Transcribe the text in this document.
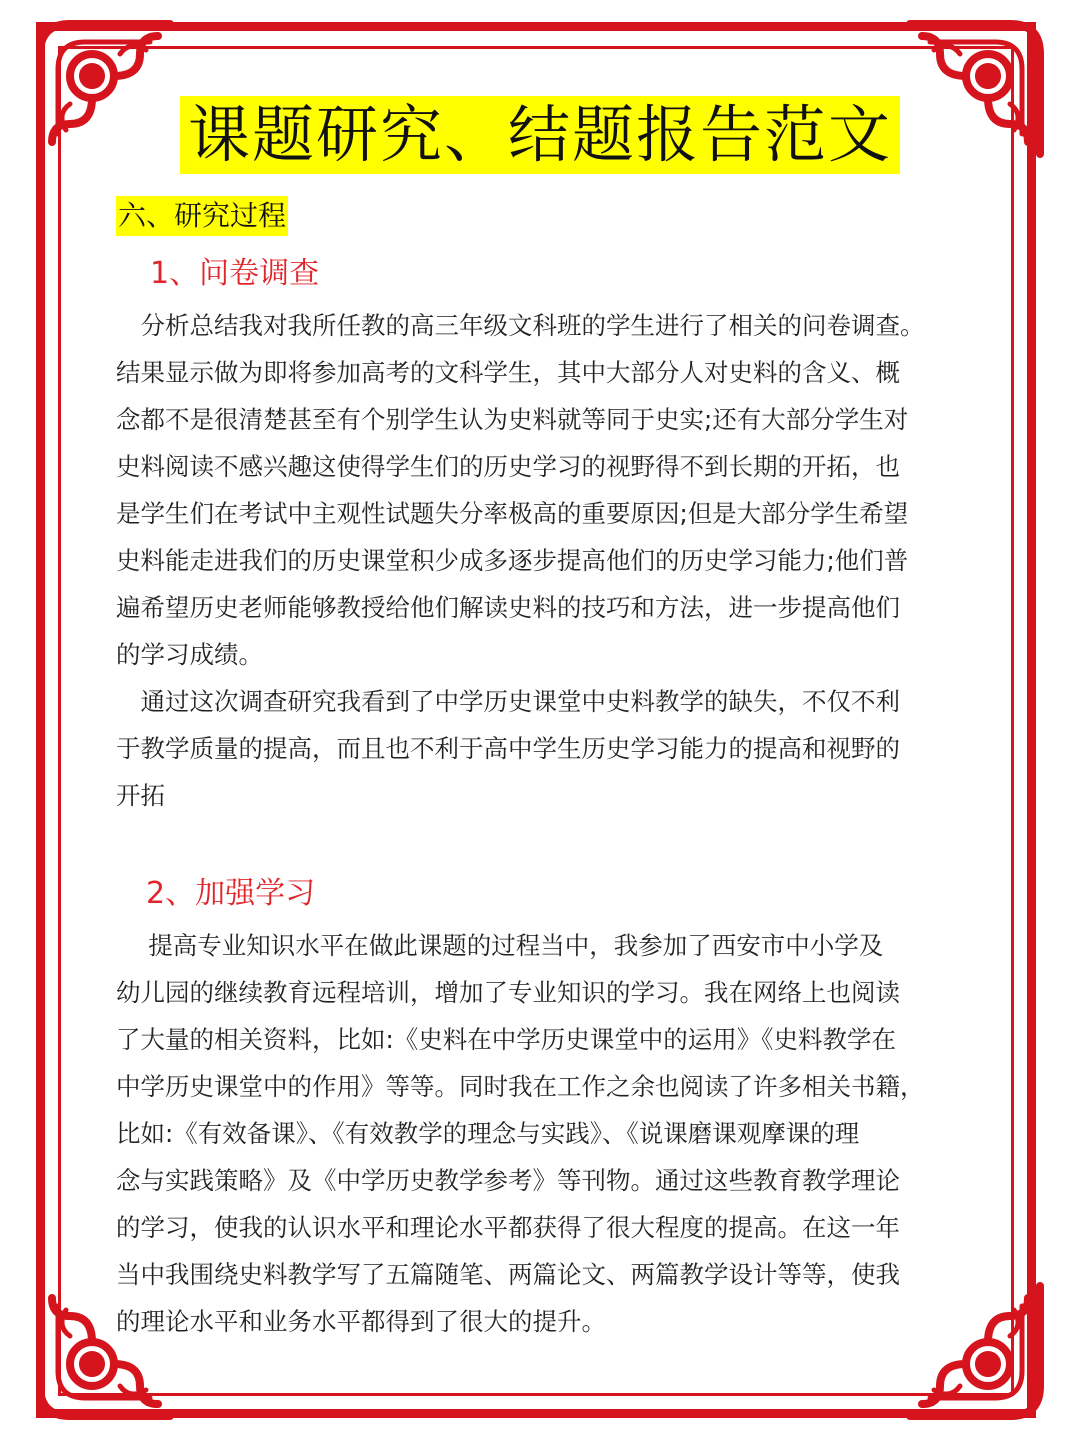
课题研究、结题报告范文
六、研究过程
1、问卷调查
　分析总结我对我所任教的高三年级文科班的学生进行了相关的问卷调查。
结果显示做为即将参加高考的文科学生，其中大部分人对史料的含义、概
念都不是很清楚甚至有个别学生认为史料就等同于史实;还有大部分学生对
史料阅读不感兴趣这使得学生们的历史学习的视野得不到长期的开拓，也
是学生们在考试中主观性试题失分率极高的重要原因;但是大部分学生希望
史料能走进我们的历史课堂积少成多逐步提高他们的历史学习能力;他们普
遍希望历史老师能够教授给他们解读史料的技巧和方法，进一步提高他们
的学习成绩。
　通过这次调查研究我看到了中学历史课堂中史料教学的缺失，不仅不利
于教学质量的提高，而且也不利于高中学生历史学习能力的提高和视野的
开拓
2、加强学习
　 提高专业知识水平在做此课题的过程当中，我参加了西安市中小学及
幼儿园的继续教育远程培训，增加了专业知识的学习。我在网络上也阅读
了大量的相关资料，比如:《史料在中学历史课堂中的运用》《史料教学在
中学历史课堂中的作用》等等。同时我在工作之余也阅读了许多相关书籍，
比如:《有效备课》、《有效教学的理念与实践》、《说课磨课观摩课的理
念与实践策略》及《中学历史教学参考》等刊物。通过这些教育教学理论
的学习，使我的认识水平和理论水平都获得了很大程度的提高。在这一年
当中我围绕史料教学写了五篇随笔、两篇论文、两篇教学设计等等，使我
的理论水平和业务水平都得到了很大的提升。
